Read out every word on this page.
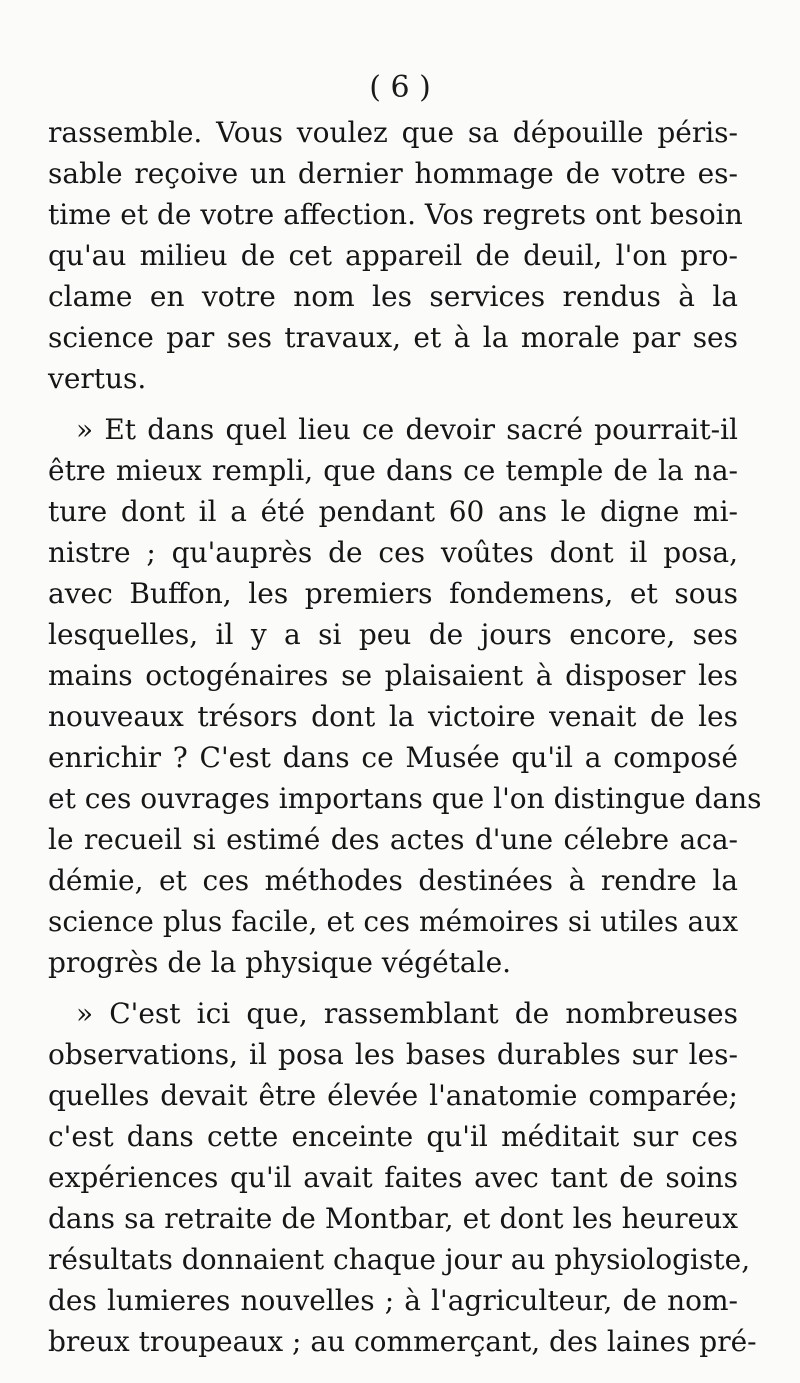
( 6 )
rassemble. Vous voulez que sa dépouille péris-
sable reçoive un dernier hommage de votre es-
time et de votre affection. Vos regrets ont besoin
qu'au milieu de cet appareil de deuil, l'on pro-
clame en votre nom les services rendus à la
science par ses travaux, et à la morale par ses
vertus.
» Et dans quel lieu ce devoir sacré pourrait-il
être mieux rempli, que dans ce temple de la na-
ture dont il a été pendant 60 ans le digne mi-
nistre ; qu'auprès de ces voûtes dont il posa,
avec Buffon, les premiers fondemens, et sous
lesquelles, il y a si peu de jours encore, ses
mains octogénaires se plaisaient à disposer les
nouveaux trésors dont la victoire venait de les
enrichir ? C'est dans ce Musée qu'il a composé
et ces ouvrages importans que l'on distingue dans
le recueil si estimé des actes d'une célebre aca-
démie, et ces méthodes destinées à rendre la
science plus facile, et ces mémoires si utiles aux
progrès de la physique végétale.
» C'est ici que, rassemblant de nombreuses
observations, il posa les bases durables sur les-
quelles devait être élevée l'anatomie comparée;
c'est dans cette enceinte qu'il méditait sur ces
expériences qu'il avait faites avec tant de soins
dans sa retraite de Montbar, et dont les heureux
résultats donnaient chaque jour au physiologiste,
des lumieres nouvelles ; à l'agriculteur, de nom-
breux troupeaux ; au commerçant, des laines pré-
